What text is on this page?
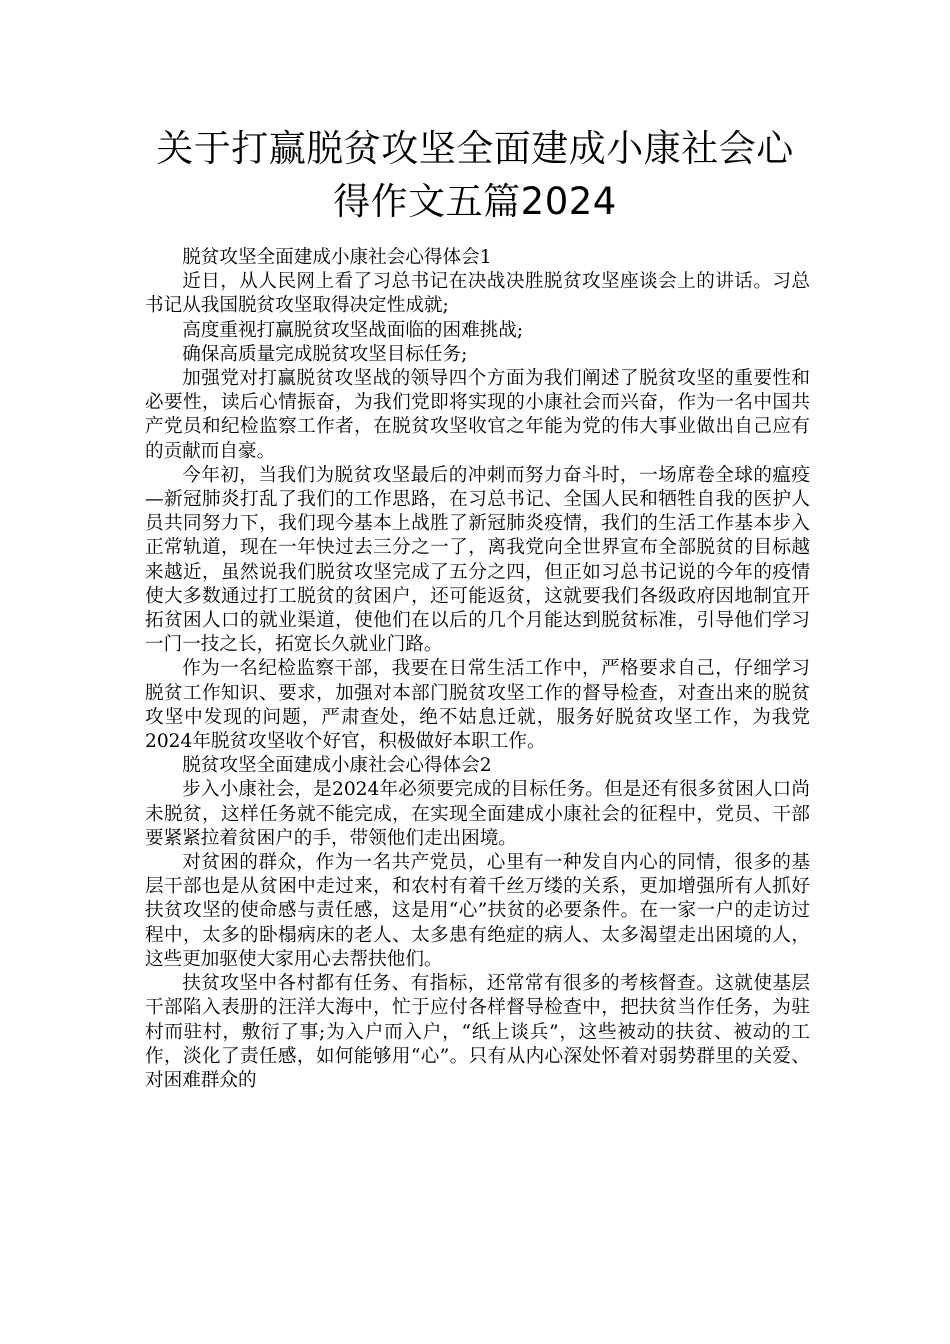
关于打赢脱贫攻坚全面建成小康社会心
得作文五篇2024

脱贫攻坚全面建成小康社会心得体会1

近日，从人民网上看了习总书记在决战决胜脱贫攻坚座谈会上的讲话。习总书记从我国脱贫攻坚取得决定性成就;

高度重视打赢脱贫攻坚战面临的困难挑战;

确保高质量完成脱贫攻坚目标任务;

加强党对打赢脱贫攻坚战的领导四个方面为我们阐述了脱贫攻坚的重要性和必要性，读后心情振奋，为我们党即将实现的小康社会而兴奋，作为一名中国共产党员和纪检监察工作者，在脱贫攻坚收官之年能为党的伟大事业做出自己应有的贡献而自豪。

今年初，当我们为脱贫攻坚最后的冲刺而努力奋斗时，一场席卷全球的瘟疫—新冠肺炎打乱了我们的工作思路，在习总书记、全国人民和牺牲自我的医护人员共同努力下，我们现今基本上战胜了新冠肺炎疫情，我们的生活工作基本步入正常轨道，现在一年快过去三分之一了，离我党向全世界宣布全部脱贫的目标越来越近，虽然说我们脱贫攻坚完成了五分之四，但正如习总书记说的今年的疫情使大多数通过打工脱贫的贫困户，还可能返贫，这就要我们各级政府因地制宜开拓贫困人口的就业渠道，使他们在以后的几个月能达到脱贫标准，引导他们学习一门一技之长，拓宽长久就业门路。

作为一名纪检监察干部，我要在日常生活工作中，严格要求自己，仔细学习脱贫工作知识、要求，加强对本部门脱贫攻坚工作的督导检查，对查出来的脱贫攻坚中发现的问题，严肃查处，绝不姑息迁就，服务好脱贫攻坚工作，为我党2024年脱贫攻坚收个好官，积极做好本职工作。

脱贫攻坚全面建成小康社会心得体会2

步入小康社会，是2024年必须要完成的目标任务。但是还有很多贫困人口尚未脱贫，这样任务就不能完成，在实现全面建成小康社会的征程中，党员、干部要紧紧拉着贫困户的手，带领他们走出困境。

对贫困的群众，作为一名共产党员，心里有一种发自内心的同情，很多的基层干部也是从贫困中走过来，和农村有着千丝万缕的关系，更加增强所有人抓好扶贫攻坚的使命感与责任感，这是用“心”扶贫的必要条件。在一家一户的走访过程中，太多的卧榻病床的老人、太多患有绝症的病人、太多渴望走出困境的人，这些更加驱使大家用心去帮扶他们。

扶贫攻坚中各村都有任务、有指标，还常常有很多的考核督查。这就使基层干部陷入表册的汪洋大海中，忙于应付各样督导检查中，把扶贫当作任务，为驻村而驻村，敷衍了事;为入户而入户，“纸上谈兵”，这些被动的扶贫、被动的工作，淡化了责任感，如何能够用“心”。只有从内心深处怀着对弱势群里的关爱、对困难群众的
